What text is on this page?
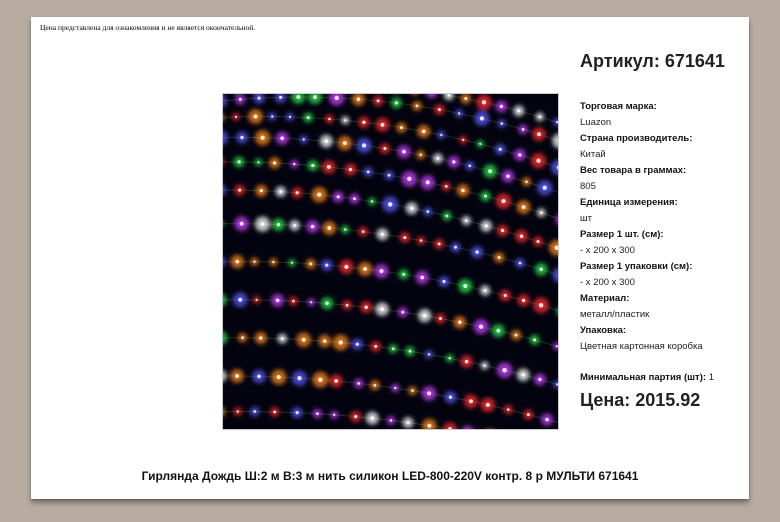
Цена представлена для ознакомления и не является окончательной.
Артикул: 671641
Торговая марка:
Luazon
Страна производитель:
Китай
Вес товара в граммах:
805
Единица измерения:
шт
Размер 1 шт. (см):
- x 200 x 300
Размер 1 упаковки (см):
- x 200 x 300
Материал:
металл/пластик
Упаковка:
Цветная картонная коробка
Минимальная партия (шт): 1
Цена: 2015.92
Гирлянда Дождь Ш:2 м В:3 м нить силикон LED-800-220V контр. 8 р МУЛЬТИ 671641
